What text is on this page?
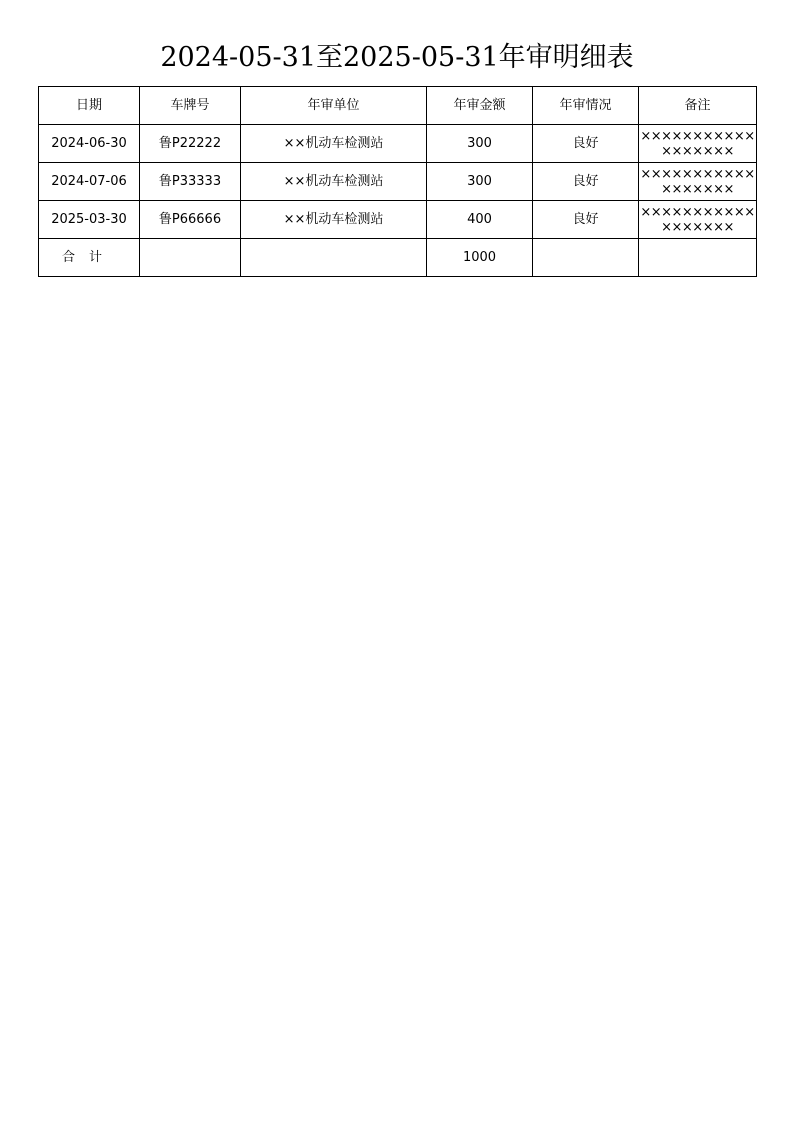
2024-05-31至2025-05-31年审明细表
日期	车牌号	年审单位	年审金额	年审情况	备注
2024-06-30	鲁P22222	××机动车检测站	300	良好	××××××××××××××××××

2024-07-06	鲁P33333	××机动车检测站	300	良好	××××××××××××××××××

2025-03-30	鲁P66666	××机动车检测站	400	良好	××××××××××××××××××

合计			1000		
